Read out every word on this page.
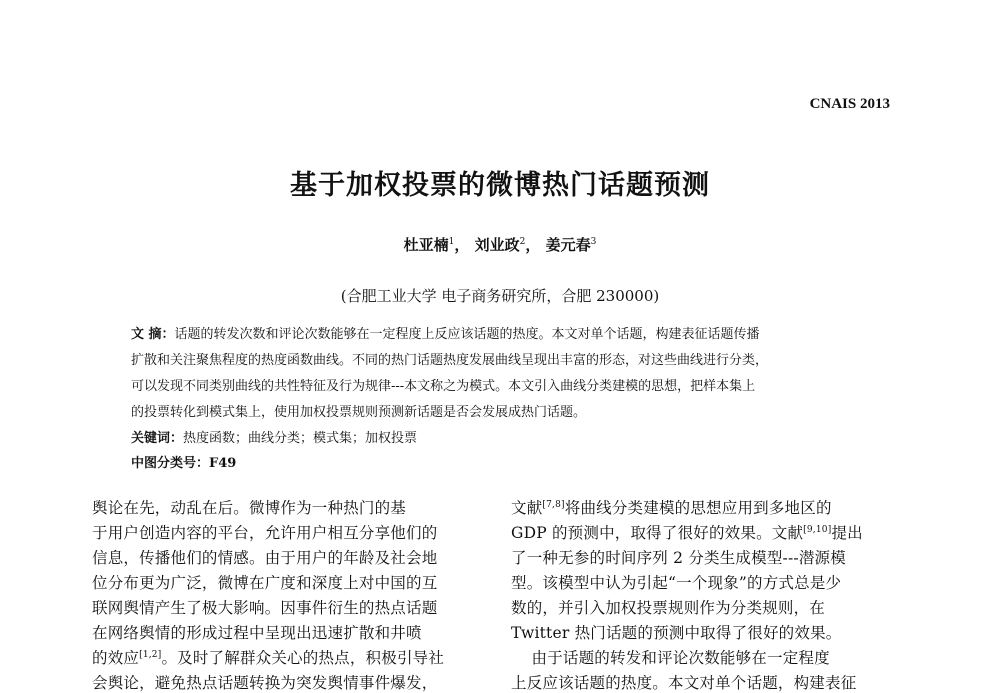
CNAIS 2013
基于加权投票的微博热门话题预测
杜亚楠$^1$， 刘业政$^2$， 姜元春$^3$
(合肥工业大学 电子商务研究所，合肥 230000)
文 摘：话题的转发次数和评论次数能够在一定程度上反应该话题的热度。本文对单个话题，构建表征话题传播
扩散和关注聚焦程度的热度函数曲线。不同的热门话题热度发展曲线呈现出丰富的形态，对这些曲线进行分类，
可以发现不同类别曲线的共性特征及行为规律---本文称之为模式。本文引入曲线分类建模的思想，把样本集上
的投票转化到模式集上，使用加权投票规则预测新话题是否会发展成热门话题。
关键词：热度函数；曲线分类；模式集；加权投票
中图分类号：F49
舆论在先，动乱在后。微博作为一种热门的基
于用户创造内容的平台，允许用户相互分享他们的
信息，传播他们的情感。由于用户的年龄及社会地
位分布更为广泛，微博在广度和深度上对中国的互
联网舆情产生了极大影响。因事件衍生的热点话题
在网络舆情的形成过程中呈现出迅速扩散和井喷
的效应[1,2]。及时了解群众关心的热点，积极引导社
会舆论，避免热点话题转换为突发舆情事件爆发，
文献[7,8]将曲线分类建模的思想应用到多地区的
GDP 的预测中，取得了很好的效果。文献[9,10]提出
了一种无参的时间序列 2 分类生成模型---潜源模
型。该模型中认为引起“一个现象”的方式总是少
数的，并引入加权投票规则作为分类规则，在
Twitter 热门话题的预测中取得了很好的效果。
由于话题的转发和评论次数能够在一定程度
上反应该话题的热度。本文对单个话题，构建表征
